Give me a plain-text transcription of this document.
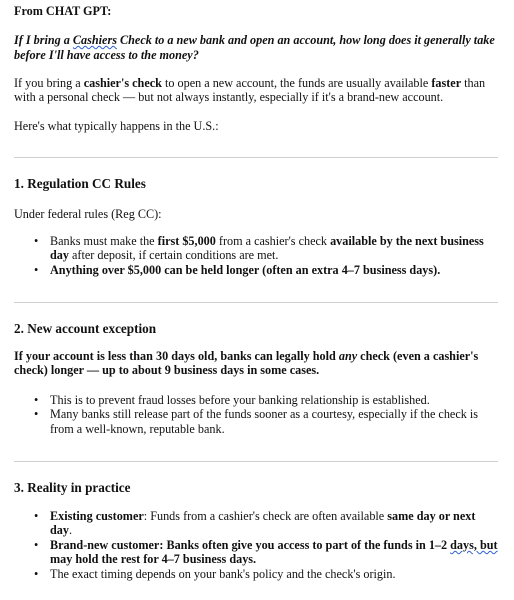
From CHAT GPT:
If I bring a Cashiers Check to a new bank and open an account, how long does it generally take before I'll have access to the money?
If you bring a cashier's check to open a new account, the funds are usually available faster than with a personal check — but not always instantly, especially if it's a brand-new account.
Here's what typically happens in the U.S.:
1. Regulation CC Rules
Under federal rules (Reg CC):
• Banks must make the first $5,000 from a cashier's check available by the next business day after deposit, if certain conditions are met.
• Anything over $5,000 can be held longer (often an extra 4–7 business days).
2. New account exception
If your account is less than 30 days old, banks can legally hold any check (even a cashier's check) longer — up to about 9 business days in some cases.
• This is to prevent fraud losses before your banking relationship is established.
• Many banks still release part of the funds sooner as a courtesy, especially if the check is from a well-known, reputable bank.
3. Reality in practice
• Existing customer: Funds from a cashier's check are often available same day or next day.
• Brand-new customer: Banks often give you access to part of the funds in 1–2 days, but may hold the rest for 4–7 business days.
• The exact timing depends on your bank's policy and the check's origin.
